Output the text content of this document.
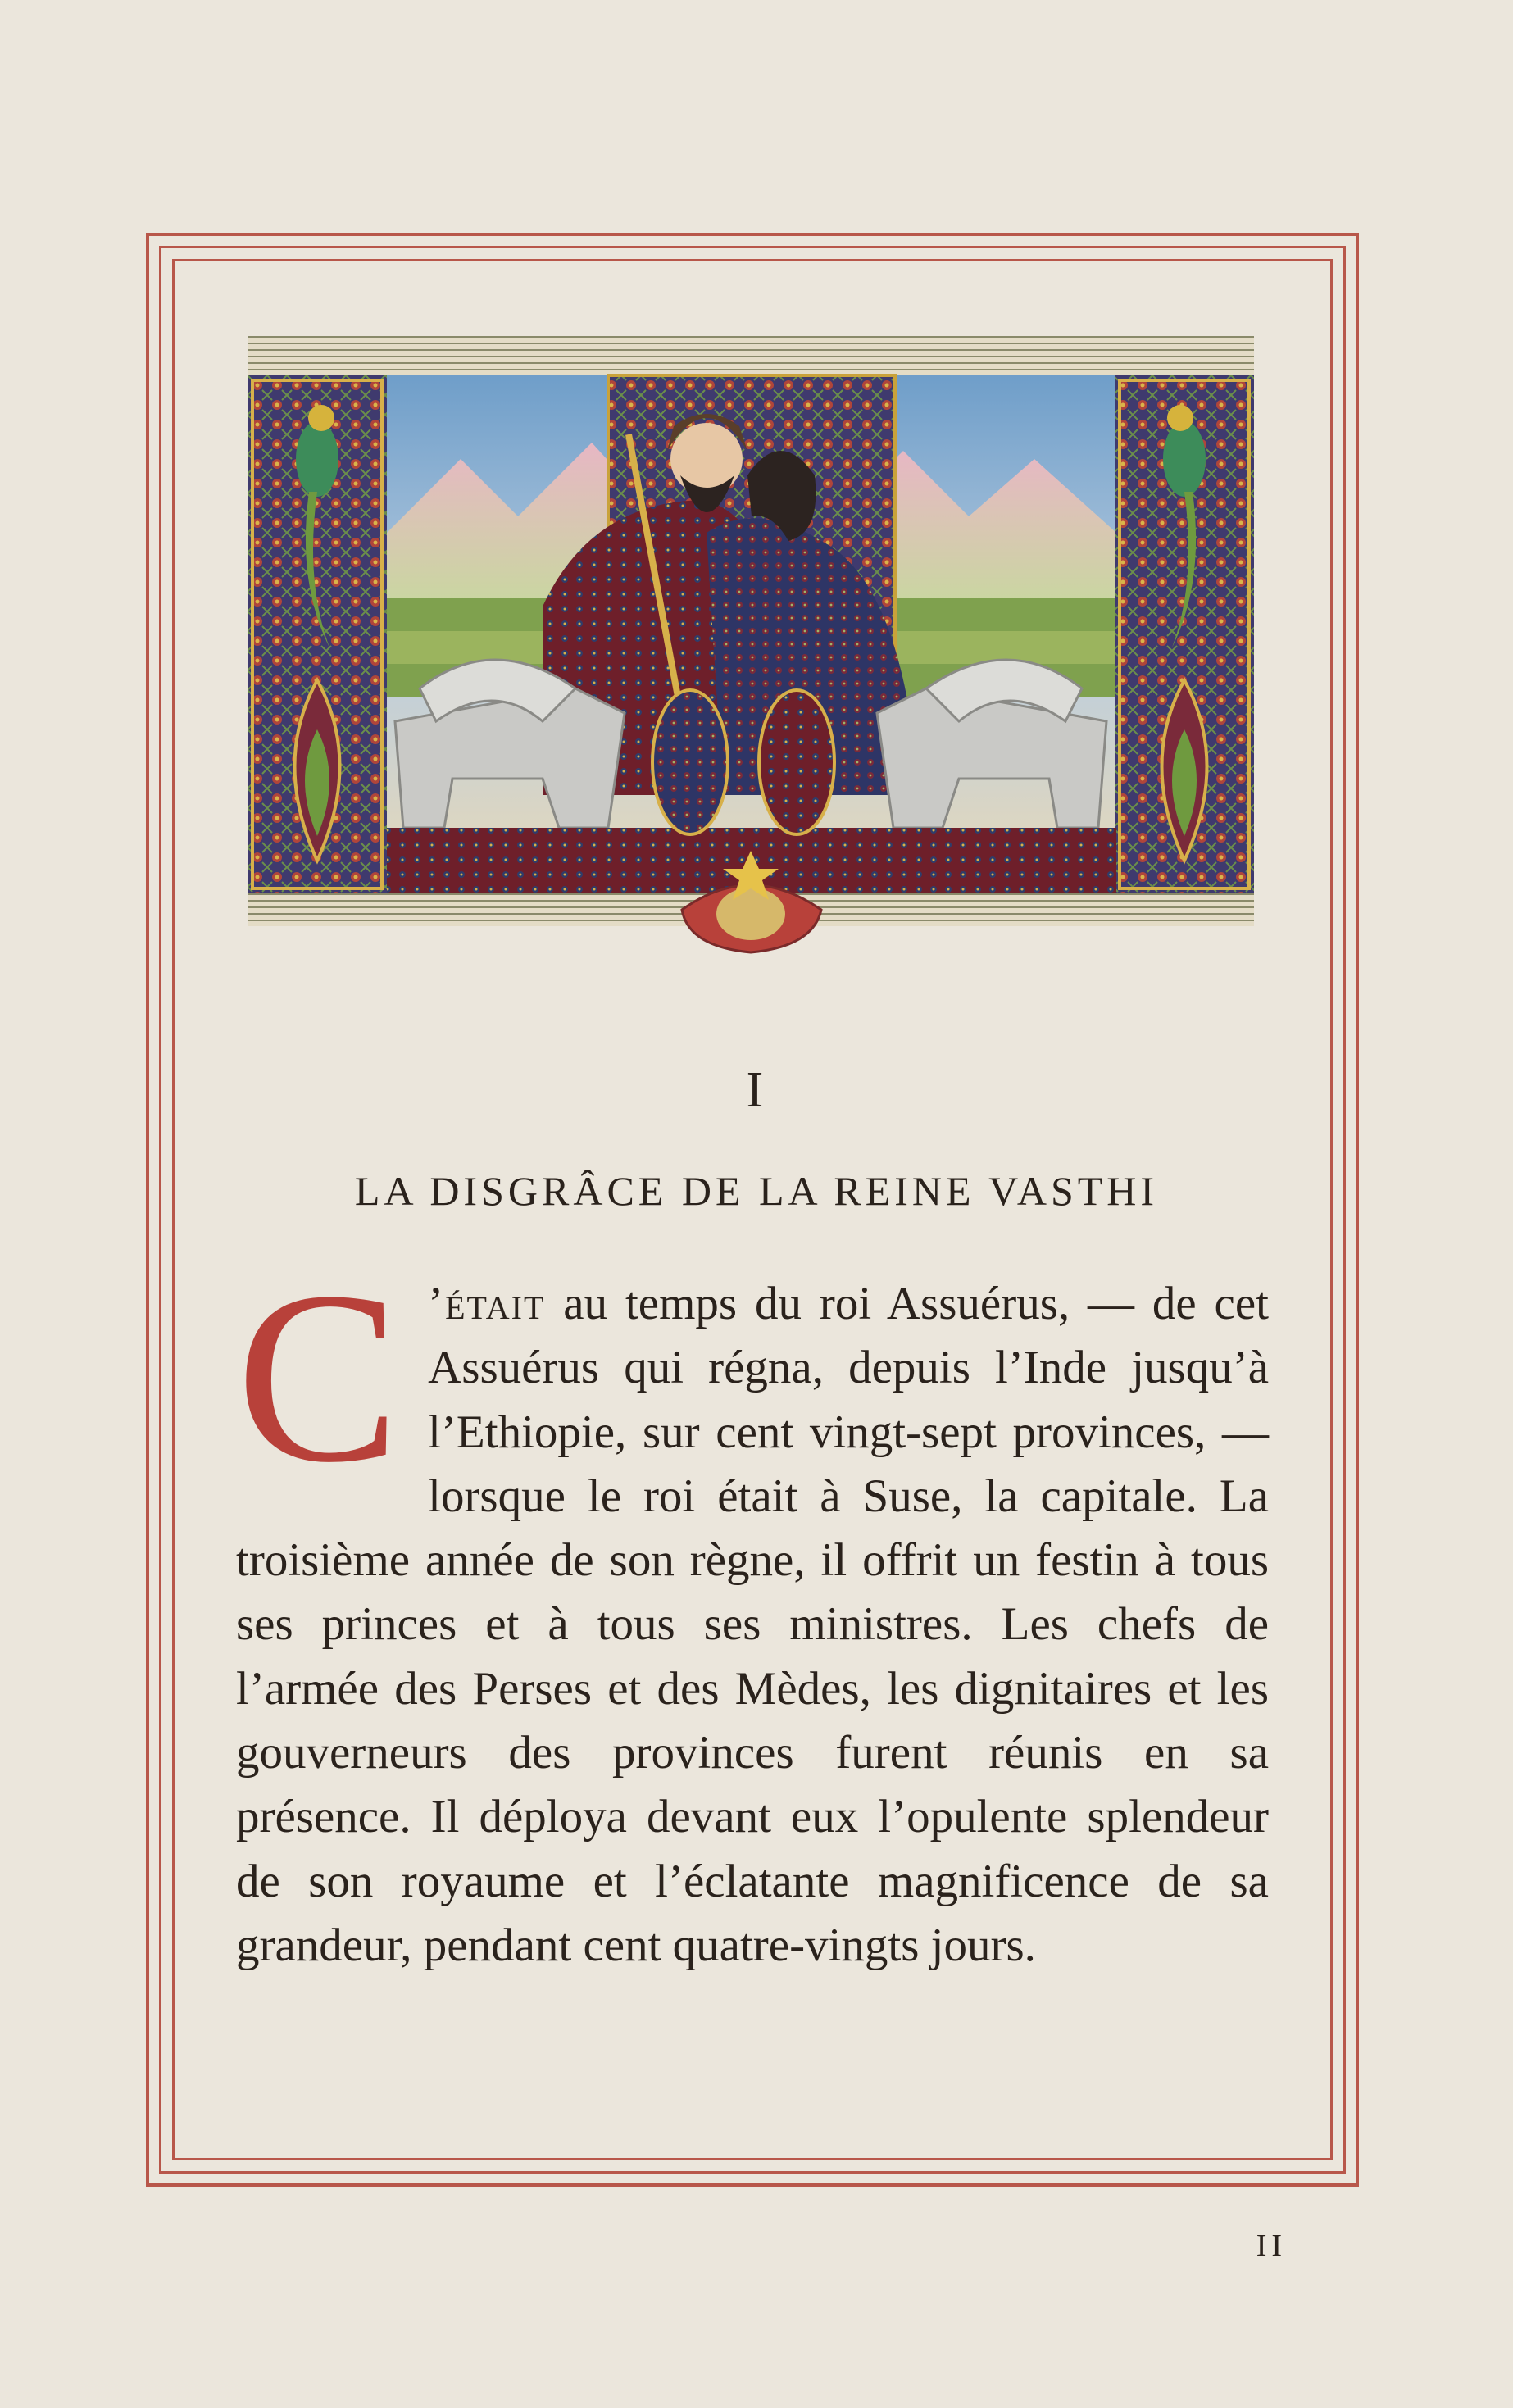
I
LA DISGRÂCE DE LA REINE VASTHI
C ’était au temps du roi Assuérus, — de cet Assuérus qui régna, depuis l’Inde jusqu’à l’Ethiopie, sur cent vingt-sept provinces, — lorsque le roi était à Suse, la capitale. La troisième année de son règne, il offrit un festin à tous ses princes et à tous ses ministres. Les chefs de l’armée des Perses et des Mèdes, les dignitaires et les gouverneurs des provinces furent réunis en sa présence. Il déploya devant eux l’opulente splendeur de son royaume et l’éclatante magnificence de sa grandeur, pendant cent quatre-vingts jours.
II
